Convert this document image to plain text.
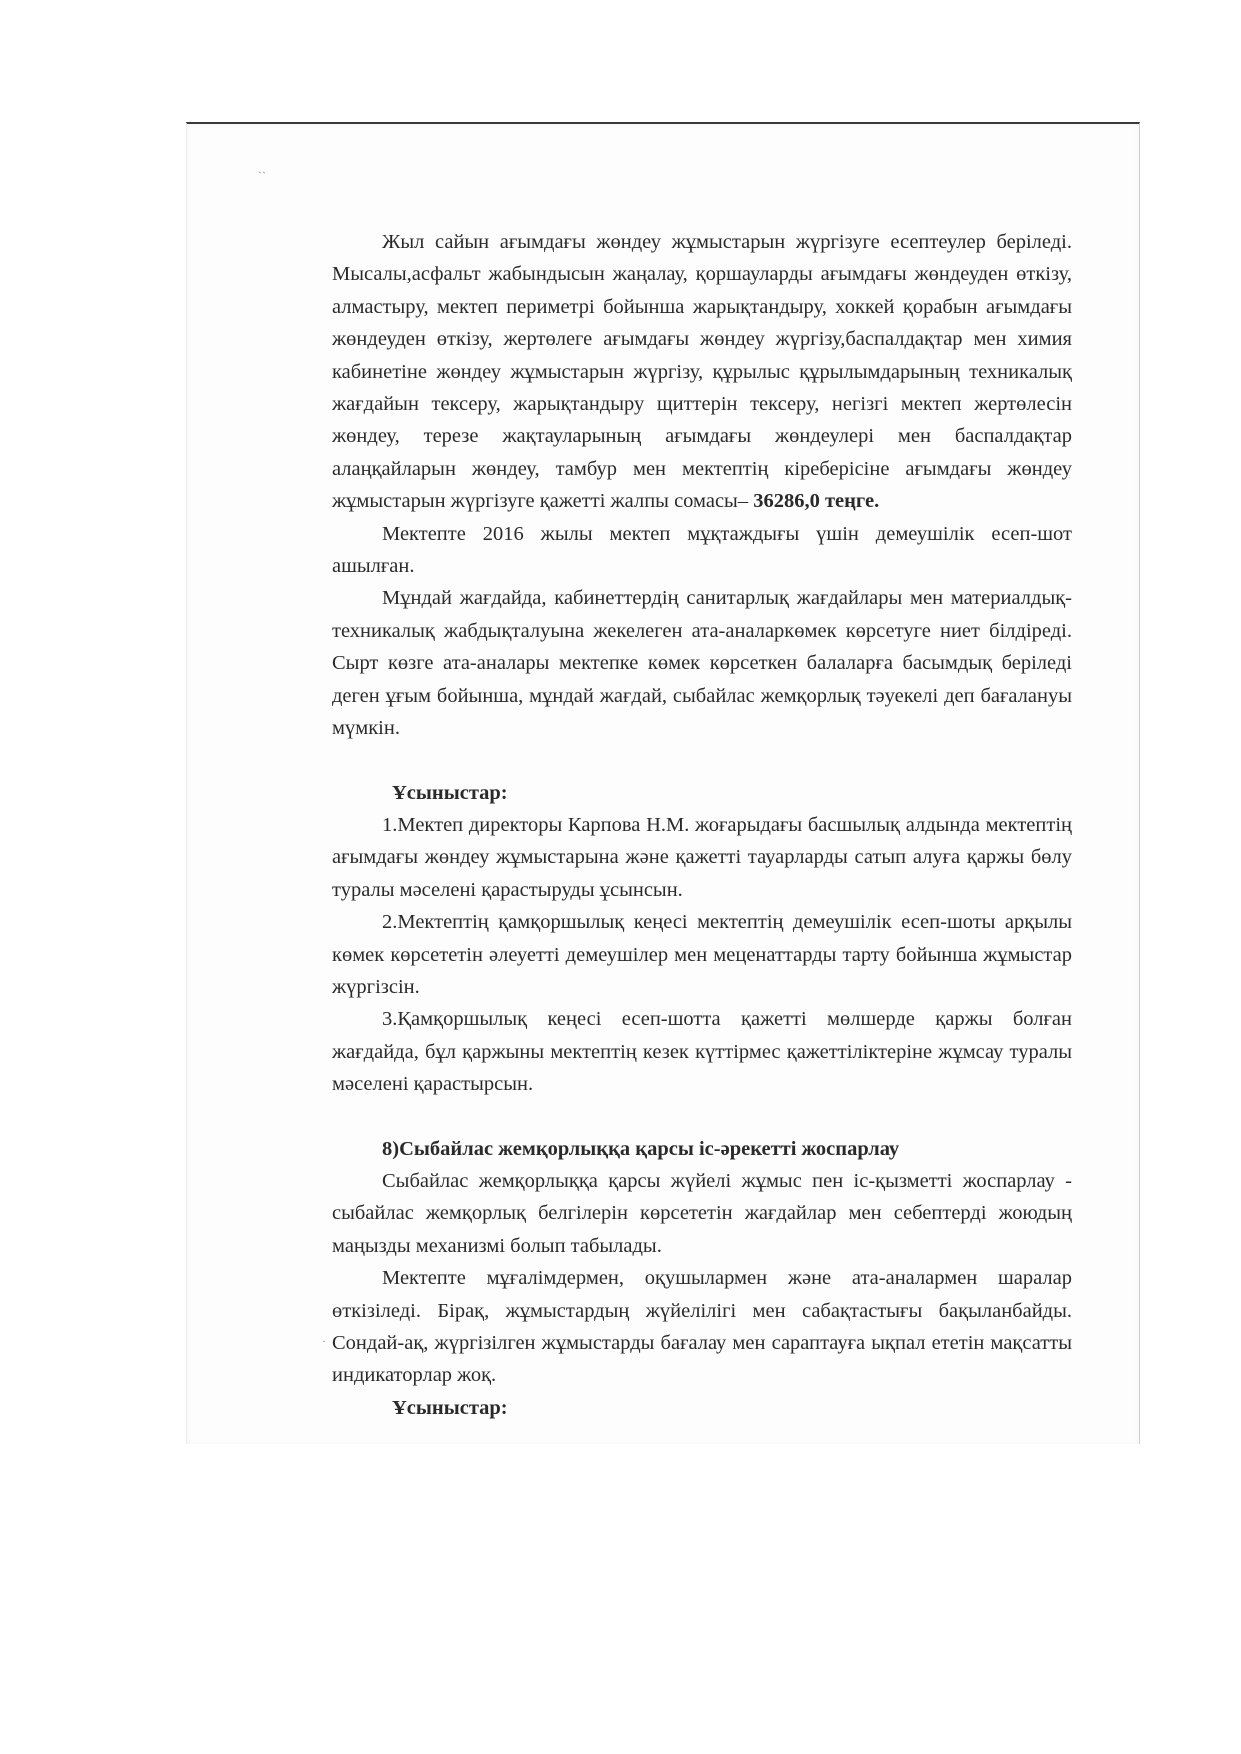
ˏˎ
·

Жыл сайын ағымдағы жөндеу жұмыстарын жүргізуге есептеулер беріледі. Мысалы,асфальт жабындысын жаңалау, қоршауларды ағымдағы жөндеуден өткізу, алмастыру, мектеп периметрі бойынша жарықтандыру, хоккей қорабын ағымдағы жөндеуден өткізу, жертөлеге ағымдағы жөндеу жүргізу,баспалдақтар мен химия кабинетіне жөндеу жұмыстарын жүргізу, құрылыс құрылымдарының техникалық жағдайын тексеру, жарықтандыру щиттерін тексеру, негізгі мектеп жертөлесін жөндеу, терезе жақтауларының ағымдағы жөндеулері мен баспалдақтар алаңқайларын жөндеу, тамбур мен мектептің кіреберісіне ағымдағы жөндеу жұмыстарын жүргізуге қажетті жалпы сомасы– 36286,0 теңге.

Мектепте 2016 жылы мектеп мұқтаждығы үшін демеушілік есеп-шот ашылған.

Мұндай жағдайда, кабинеттердің санитарлық жағдайлары мен материалдық-техникалық жабдықталуына жекелеген ата-аналаркөмек көрсетуге ниет білдіреді. Сырт көзге ата-аналары мектепке көмек көрсеткен балаларға басымдық беріледі деген ұғым бойынша, мұндай жағдай, сыбайлас жемқорлық тәуекелі деп бағалануы мүмкін.

Ұсыныстар:

1.Мектеп директоры Карпова Н.М. жоғарыдағы басшылық алдында мектептің ағымдағы жөндеу жұмыстарына және қажетті тауарларды сатып алуға қаржы бөлу туралы мәселені қарастыруды ұсынсын.

2.Мектептің қамқоршылық кеңесі мектептің демеушілік есеп-шоты арқылы көмек көрсететін әлеуетті демеушілер мен меценаттарды тарту бойынша жұмыстар жүргізсін.

3.Қамқоршылық кеңесі есеп-шотта қажетті мөлшерде қаржы болған жағдайда, бұл қаржыны мектептің кезек күттірмес қажеттіліктеріне жұмсау туралы мәселені қарастырсын.

8)Сыбайлас жемқорлыққа қарсы іс-әрекетті жоспарлау

Сыбайлас жемқорлыққа қарсы жүйелі жұмыс пен іс-қызметті жоспарлау - сыбайлас жемқорлық белгілерін көрсететін жағдайлар мен себептерді жоюдың маңызды механизмі болып табылады.

Мектепте мұғалімдермен, оқушылармен және ата-аналармен шаралар өткізіледі. Бірақ, жұмыстардың жүйелілігі мен сабақтастығы бақыланбайды. Сондай-ақ, жүргізілген жұмыстарды бағалау мен сараптауға ықпал ететін мақсатты индикаторлар жоқ.

Ұсыныстар:
